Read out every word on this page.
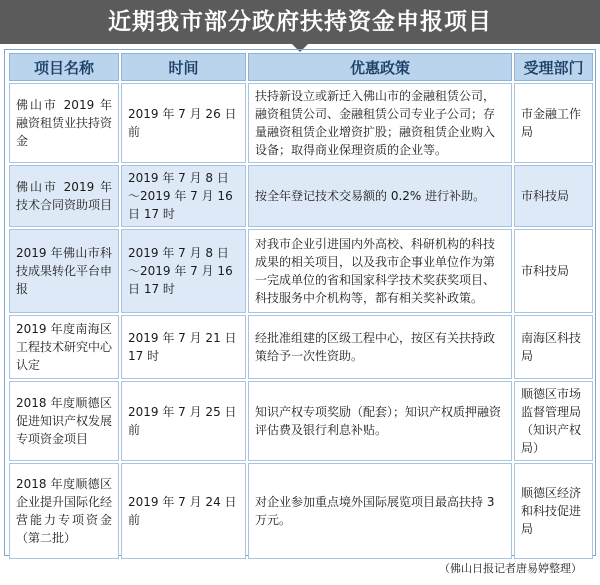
近期我市部分政府扶持资金申报项目
项目名称	时间	优惠政策	受理部门
佛山市 2019 年融资租赁业扶持资金	2019 年 7 月 26 日前	扶持新设立或新迁入佛山市的金融租赁公司，融资租赁公司、金融租赁公司专业子公司；存量融资租赁企业增资扩股；融资租赁企业购入设备；取得商业保理资质的企业等。	市金融工作局
佛山市 2019 年技术合同资助项目	2019 年 7 月 8 日～2019 年 7 月 16 日 17 时	按全年登记技术交易额的 0.2% 进行补助。	市科技局
2019 年佛山市科技成果转化平台申报	2019 年 7 月 8 日～2019 年 7 月 16 日 17 时	对我市企业引进国内外高校、科研机构的科技成果的相关项目，以及我市企事业单位作为第一完成单位的省和国家科学技术奖获奖项目、科技服务中介机构等，都有相关奖补政策。	市科技局
2019 年度南海区工程技术研究中心认定	2019 年 7 月 21 日 17 时	经批准组建的区级工程中心，按区有关扶持政策给予一次性资助。	南海区科技局
2018 年度顺德区促进知识产权发展专项资金项目	2019 年 7 月 25 日前	知识产权专项奖励（配套）；知识产权质押融资评估费及银行利息补贴。	顺德区市场监督管理局（知识产权局）
2018 年度顺德区企业提升国际化经营能力专项资金（第二批）	2019 年 7 月 24 日前	对企业参加重点境外国际展览项目最高扶持 3 万元。	顺德区经济和科技促进局
（佛山日报记者唐易婷整理）
